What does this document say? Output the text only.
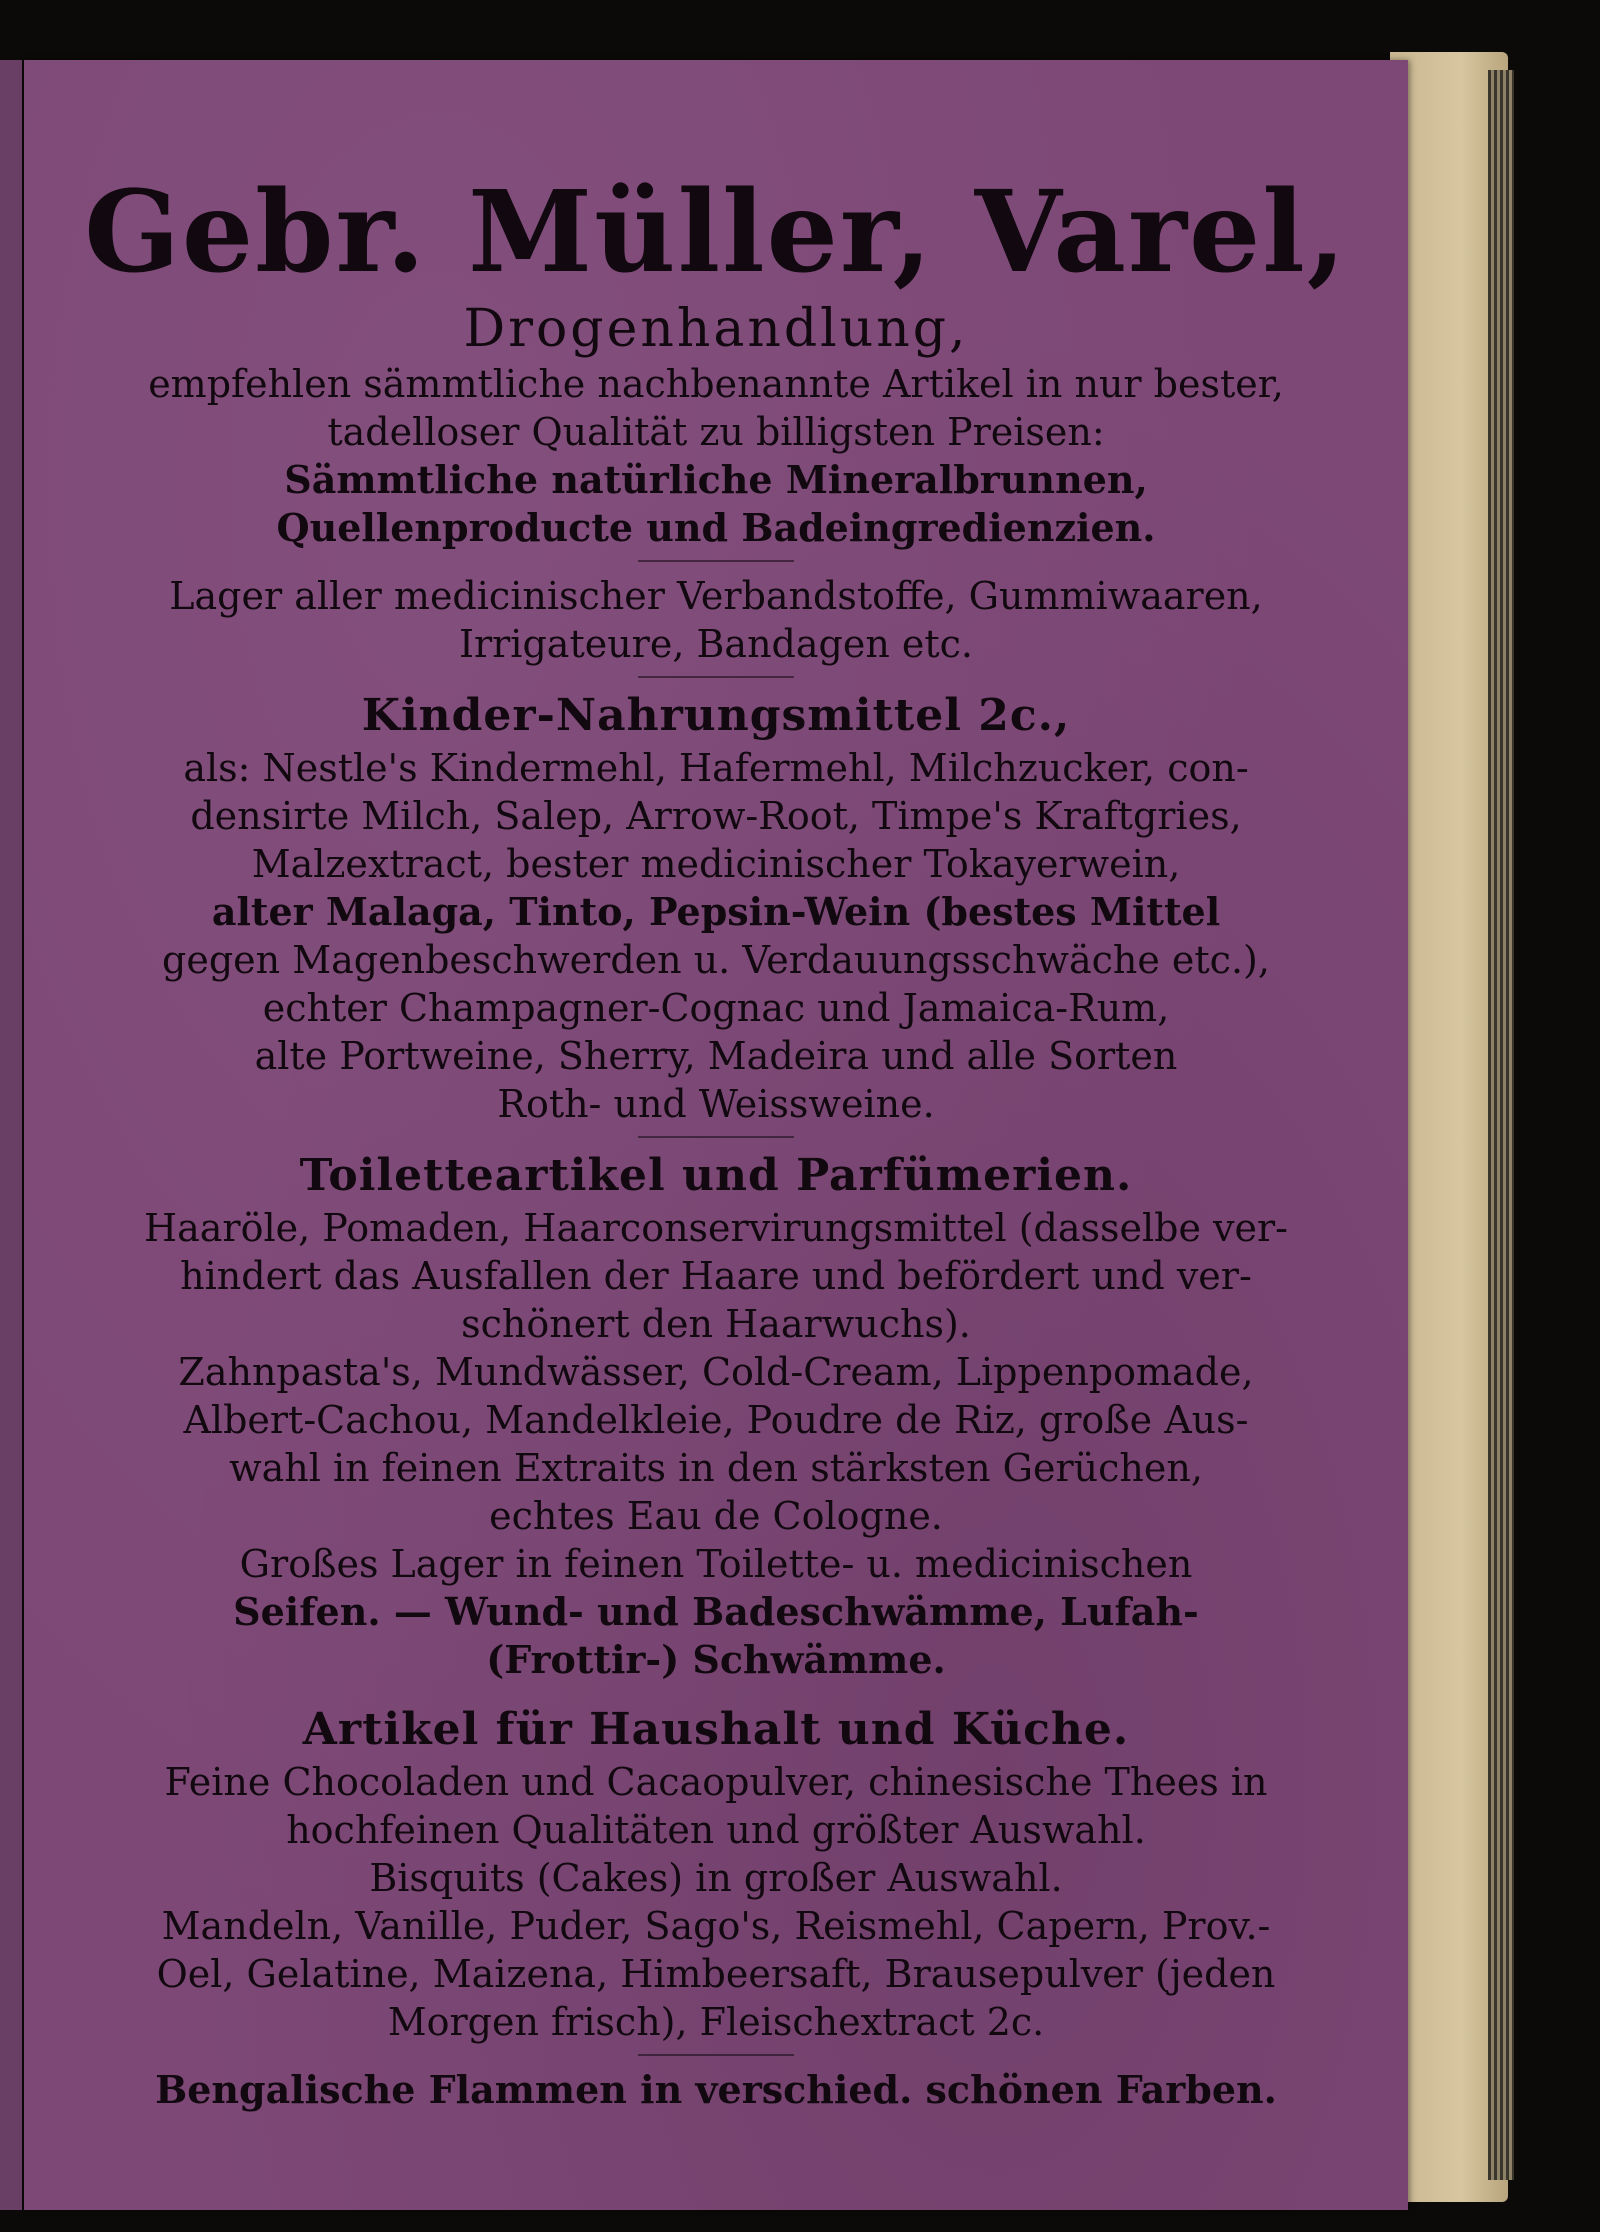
Gebr. Müller, Varel,
Drogenhandlung,
empfehlen sämmtliche nachbenannte Artikel in nur bester,
tadelloser Qualität zu billigsten Preisen:
Sämmtliche natürliche Mineralbrunnen,
Quellenproducte und Badeingredienzien.
Lager aller medicinischer Verbandstoffe, Gummiwaaren,
Irrigateure, Bandagen etc.
Kinder-Nahrungsmittel 2c.,
als: Nestle's Kindermehl, Hafermehl, Milchzucker, con-
densirte Milch, Salep, Arrow-Root, Timpe's Kraftgries,
Malzextract, bester medicinischer Tokayerwein,
alter Malaga, Tinto, Pepsin-Wein (bestes Mittel
gegen Magenbeschwerden u. Verdauungsschwäche etc.),
echter Champagner-Cognac und Jamaica-Rum,
alte Portweine, Sherry, Madeira und alle Sorten
Roth- und Weissweine.
Toiletteartikel und Parfümerien.
Haaröle, Pomaden, Haarconservirungsmittel (dasselbe ver-
hindert das Ausfallen der Haare und befördert und ver-
schönert den Haarwuchs).
Zahnpasta's, Mundwässer, Cold-Cream, Lippenpomade,
Albert-Cachou, Mandelkleie, Poudre de Riz, große Aus-
wahl in feinen Extraits in den stärksten Gerüchen,
echtes Eau de Cologne.
Großes Lager in feinen Toilette- u. medicinischen
Seifen. — Wund- und Badeschwämme, Lufah-
(Frottir-) Schwämme.
Artikel für Haushalt und Küche.
Feine Chocoladen und Cacaopulver, chinesische Thees in
hochfeinen Qualitäten und größter Auswahl.
Bisquits (Cakes) in großer Auswahl.
Mandeln, Vanille, Puder, Sago's, Reismehl, Capern, Prov.-
Oel, Gelatine, Maizena, Himbeersaft, Brausepulver (jeden
Morgen frisch), Fleischextract 2c.
Bengalische Flammen in verschied. schönen Farben.
